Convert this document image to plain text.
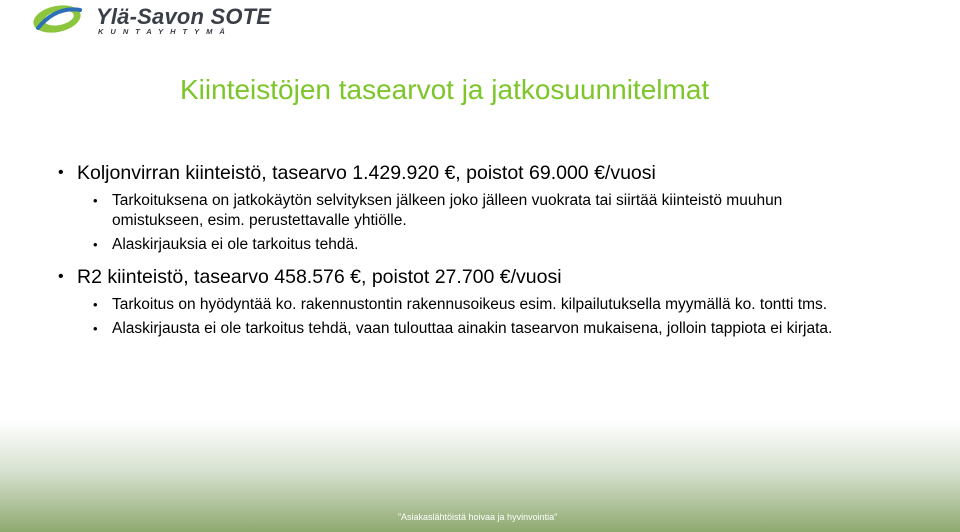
Ylä-Savon SOTE
KUNTAYHTYMÄ
Kiinteistöjen tasearvot ja jatkosuunnitelmat
• Koljonvirran kiinteistö, tasearvo 1.429.920 €, poistot 69.000 €/vuosi
• Tarkoituksena on jatkokäytön selvityksen jälkeen joko jälleen vuokrata tai siirtää kiinteistö muuhun omistukseen, esim. perustettavalle yhtiölle.
• Alaskirjauksia ei ole tarkoitus tehdä.
• R2 kiinteistö, tasearvo 458.576 €, poistot 27.700 €/vuosi
• Tarkoitus on hyödyntää ko. rakennustontin rakennusoikeus esim. kilpailutuksella myymällä ko. tontti tms.
• Alaskirjausta ei ole tarkoitus tehdä, vaan tulouttaa ainakin tasearvon mukaisena, jolloin tappiota ei kirjata.
”Asiakaslähtöistä hoivaa ja hyvinvointia”
